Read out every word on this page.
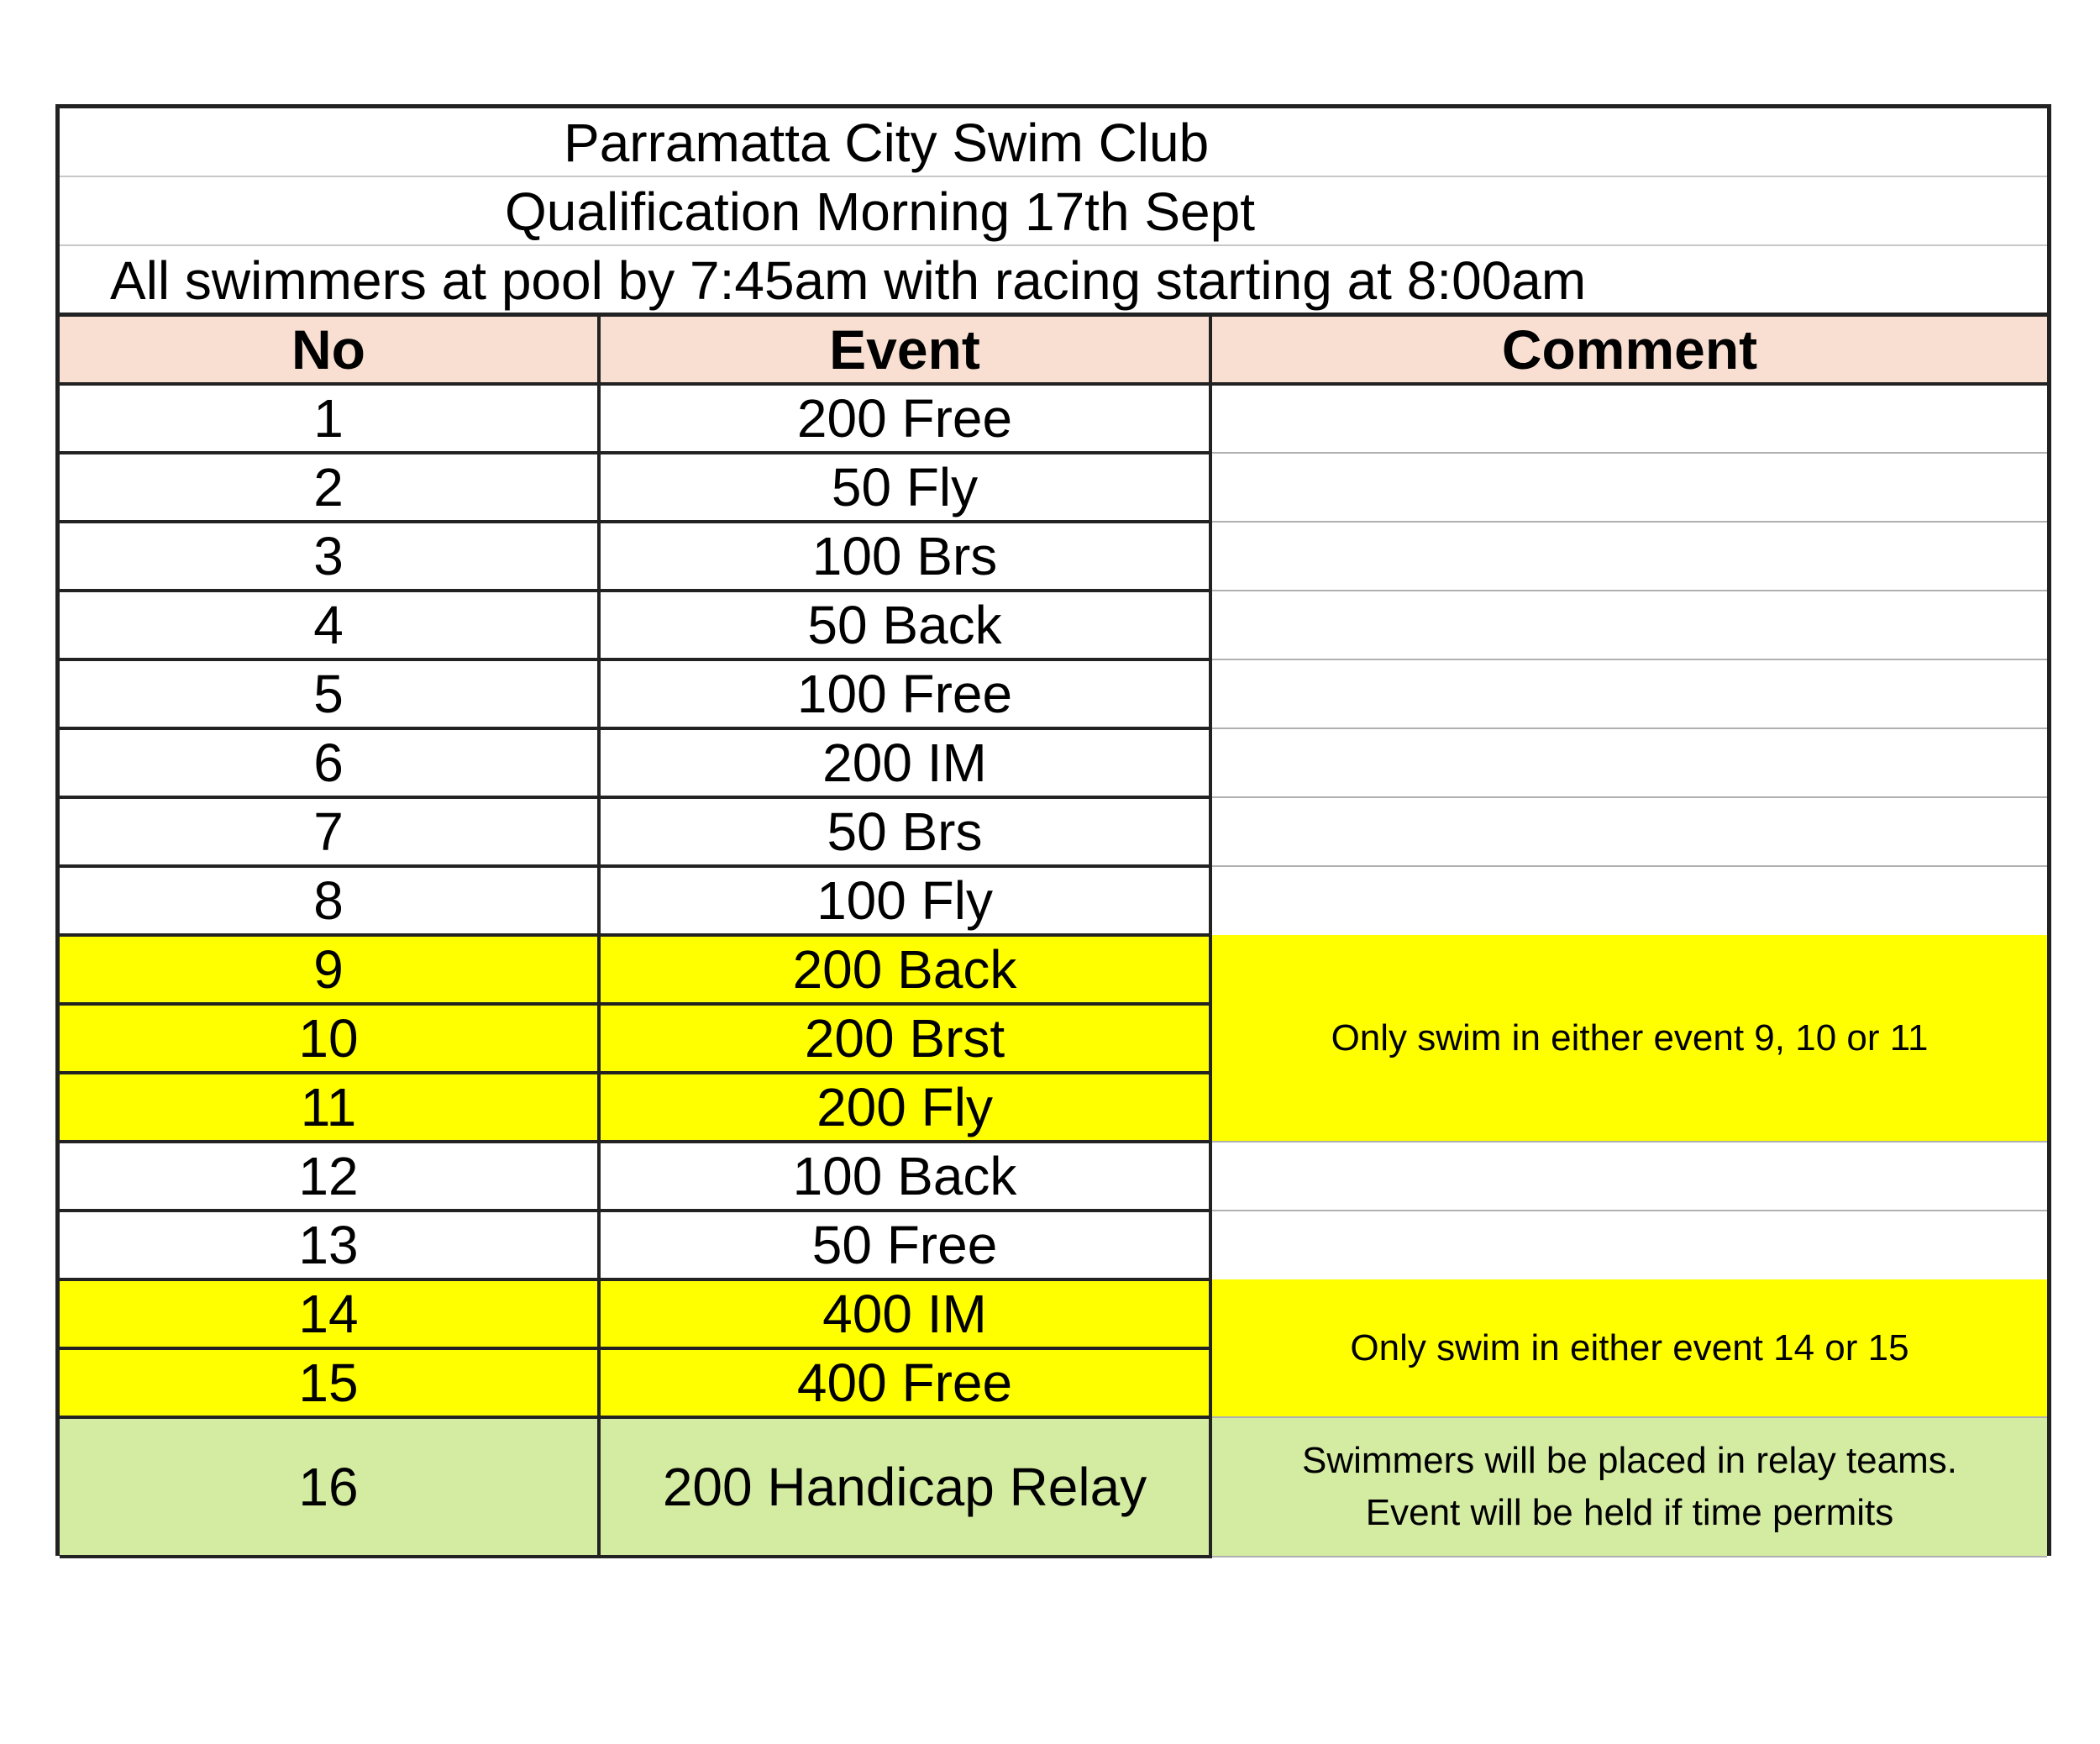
Parramatta City Swim Club
Qualification Morning 17th Sept
All swimmers at pool by 7:45am with racing starting at 8:00am
No	Event	Comment
1	200 Free	
2	50 Fly	
3	100 Brs	
4	50 Back	
5	100 Free	
6	200 IM	
7	50 Brs	
8	100 Fly	
9	200 Back	Only swim in either event 9, 10 or 11
10	200 Brst	
11	200 Fly	
12	100 Back	
13	50 Free	
14	400 IM	Only swim in either event 14 or 15
15	400 Free	
16	200 Handicap Relay	Swimmers will be placed in relay teams.
Event will be held if time permits
